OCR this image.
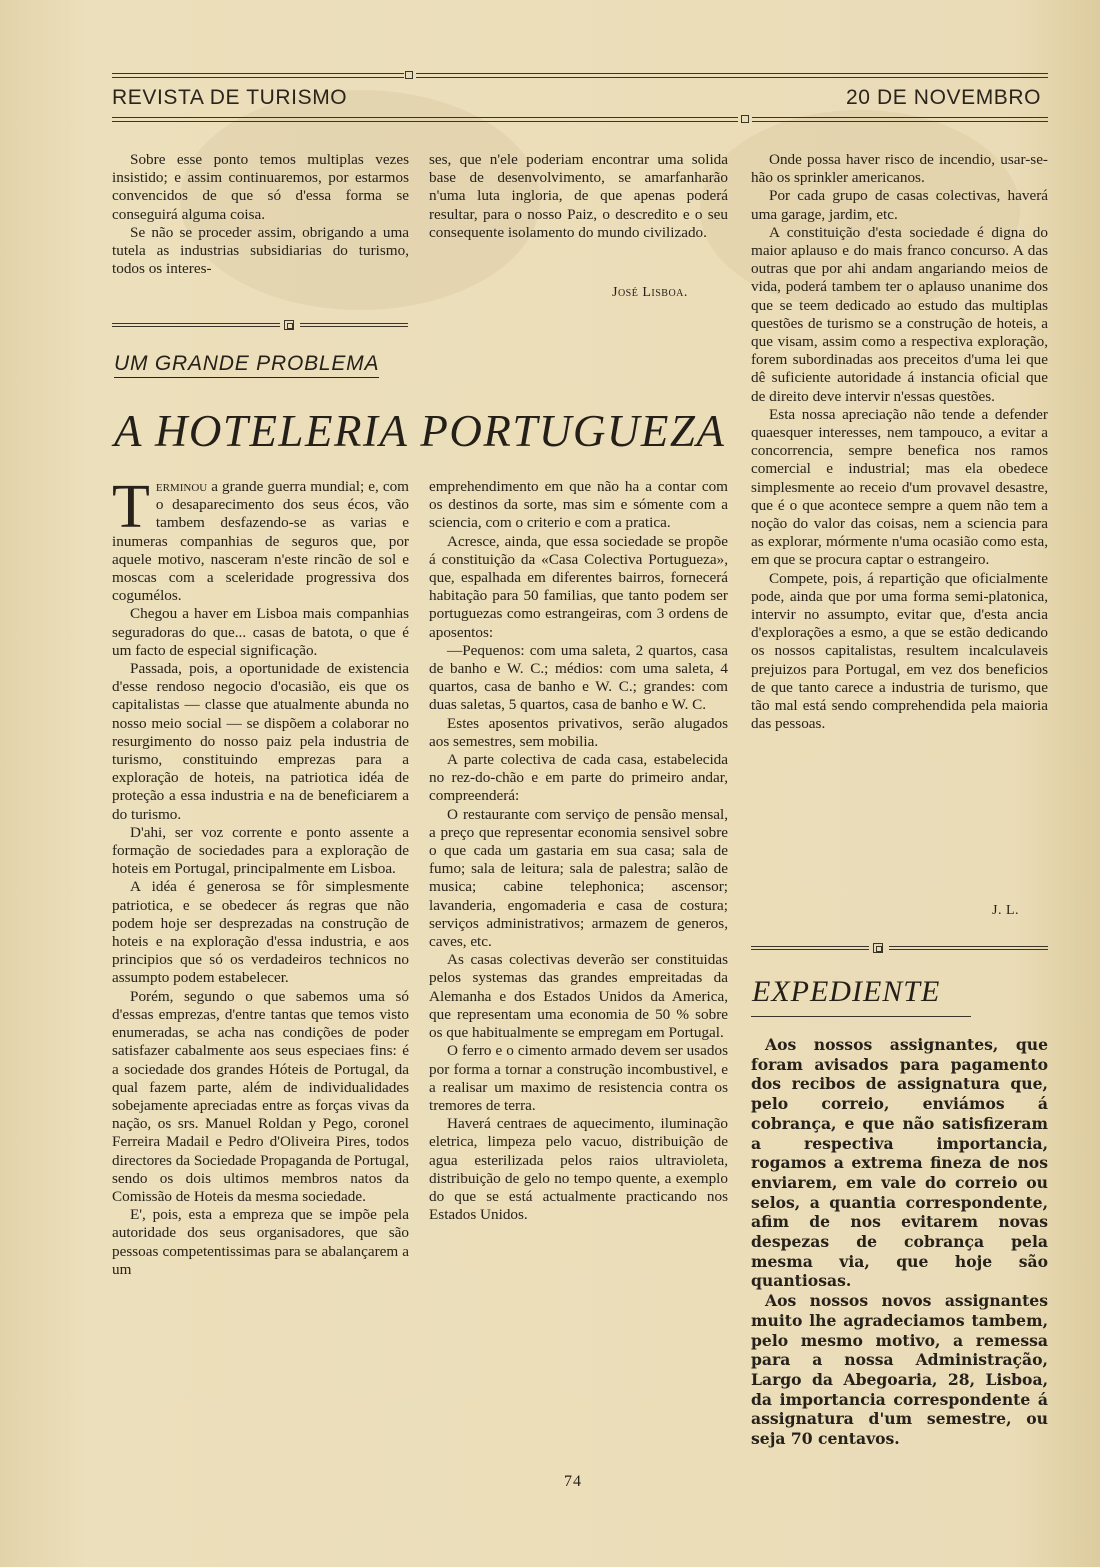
REVISTA DE TURISMO	20 DE NOVEMBRO

Sobre esse ponto temos multiplas vezes insistido; e assim continuaremos, por estarmos convencidos de que só d'essa forma se conseguirá alguma coisa.

Se não se proceder assim, obrigando a uma tutela as industrias subsidiarias do turismo, todos os interes-

ses, que n'ele poderiam encontrar uma solida base de desenvolvimento, se amarfanharão n'uma luta ingloria, de que apenas poderá resultar, para o nosso Paiz, o descredito e o seu consequente isolamento do mundo civilizado.

José Lisboa.
UM GRANDE PROBLEMA
A HOTELERIA PORTUGUEZA

Terminou a grande guerra mundial; e, com o desaparecimento dos seus écos, vão tambem desfazendo-se as varias e inumeras companhias de seguros que, por aquele motivo, nasceram n'este rincão de sol e moscas com a sceleridade progressiva dos cogumélos.

Chegou a haver em Lisboa mais companhias seguradoras do que... casas de batota, o que é um facto de especial significação.

Passada, pois, a oportunidade de existencia d'esse rendoso negocio d'ocasião, eis que os capitalistas — classe que atualmente abunda no nosso meio social — se dispõem a colaborar no resurgimento do nosso paiz pela industria de turismo, constituindo emprezas para a exploração de hoteis, na patriotica idéa de proteção a essa industria e na de beneficiarem a do turismo.

D'ahi, ser voz corrente e ponto assente a formação de sociedades para a exploração de hoteis em Portugal, principalmente em Lisboa.

A idéa é generosa se fôr simplesmente patriotica, e se obedecer ás regras que não podem hoje ser desprezadas na construção de hoteis e na exploração d'essa industria, e aos principios que só os verdadeiros technicos no assumpto podem estabelecer.

Porém, segundo o que sabemos uma só d'essas emprezas, d'entre tantas que temos visto enumeradas, se acha nas condições de poder satisfazer cabalmente aos seus especiaes fins: é a sociedade dos grandes Hóteis de Portugal, da qual fazem parte, além de individualidades sobejamente apreciadas entre as forças vivas da nação, os srs. Manuel Roldan y Pego, coronel Ferreira Madail e Pedro d'Oliveira Pires, todos directores da Sociedade Propaganda de Portugal, sendo os dois ultimos membros natos da Comissão de Hoteis da mesma sociedade.

E', pois, esta a empreza que se impõe pela autoridade dos seus organisadores, que são pessoas competentissimas para se abalançarem a um

emprehendimento em que não ha a contar com os destinos da sorte, mas sim e sómente com a sciencia, com o criterio e com a pratica.

Acresce, ainda, que essa sociedade se propõe á constituição da «Casa Colectiva Portugueza», que, espalhada em diferentes bairros, fornecerá habitação para 50 familias, que tanto podem ser portuguezas como estrangeiras, com 3 ordens de aposentos:

—Pequenos: com uma saleta, 2 quartos, casa de banho e W. C.; médios: com uma saleta, 4 quartos, casa de banho e W. C.; grandes: com duas saletas, 5 quartos, casa de banho e W. C.

Estes aposentos privativos, serão alugados aos semestres, sem mobilia.

A parte colectiva de cada casa, estabelecida no rez-do-chão e em parte do primeiro andar, compreenderá:

O restaurante com serviço de pensão mensal, a preço que representar economia sensivel sobre o que cada um gastaria em sua casa; sala de fumo; sala de leitura; sala de palestra; salão de musica; cabine telephonica; ascensor; lavanderia, engomaderia e casa de costura; serviços administrativos; armazem de generos, caves, etc.

As casas colectivas deverão ser constituidas pelos systemas das grandes empreitadas da Alemanha e dos Estados Unidos da America, que representam uma economia de 50 % sobre os que habitualmente se empregam em Portugal.

O ferro e o cimento armado devem ser usados por forma a tornar a construção incombustivel, e a realisar um maximo de resistencia contra os tremores de terra.

Haverá centraes de aquecimento, iluminação eletrica, limpeza pelo vacuo, distribuição de agua esterilizada pelos raios ultravioleta, distribuição de gelo no tempo quente, a exemplo do que se está actualmente practicando nos Estados Unidos.

Onde possa haver risco de incendio, usar-se-hão os sprinkler americanos.

Por cada grupo de casas colectivas, haverá uma garage, jardim, etc.

A constituição d'esta sociedade é digna do maior aplauso e do mais franco concurso. A das outras que por ahi andam angariando meios de vida, poderá tambem ter o aplauso unanime dos que se teem dedicado ao estudo das multiplas questões de turismo se a construção de hoteis, a que visam, assim como a respectiva exploração, forem subordinadas aos preceitos d'uma lei que dê suficiente autoridade á instancia oficial que de direito deve intervir n'essas questões.

Esta nossa apreciação não tende a defender quaesquer interesses, nem tampouco, a evitar a concorrencia, sempre benefica nos ramos comercial e industrial; mas ela obedece simplesmente ao receio d'um provavel desastre, que é o que acontece sempre a quem não tem a noção do valor das coisas, nem a sciencia para as explorar, mórmente n'uma ocasião como esta, em que se procura captar o estrangeiro.

Compete, pois, á repartição que oficialmente pode, ainda que por uma forma semi-platonica, intervir no assumpto, evitar que, d'esta ancia d'explorações a esmo, a que se estão dedicando os nossos capitalistas, resultem incalculaveis prejuizos para Portugal, em vez dos beneficios de que tanto carece a industria de turismo, que tão mal está sendo comprehendida pela maioria das pessoas.

J. L.
EXPEDIENTE

Aos nossos assignantes, que foram avisados para pagamento dos recibos de assignatura que, pelo correio, enviámos á cobrança, e que não satisfizeram a respectiva importancia, rogamos a extrema fineza de nos enviarem, em vale do correio ou selos, a quantia correspondente, afim de nos evitarem novas despezas de cobrança pela mesma via, que hoje são quantiosas.

Aos nossos novos assignantes muito lhe agradeciamos tambem, pelo mesmo motivo, a remessa para a nossa Administração, Largo da Abegoaria, 28, Lisboa, da importancia correspondente á assignatura d'um semestre, ou seja 70 centavos.

74
